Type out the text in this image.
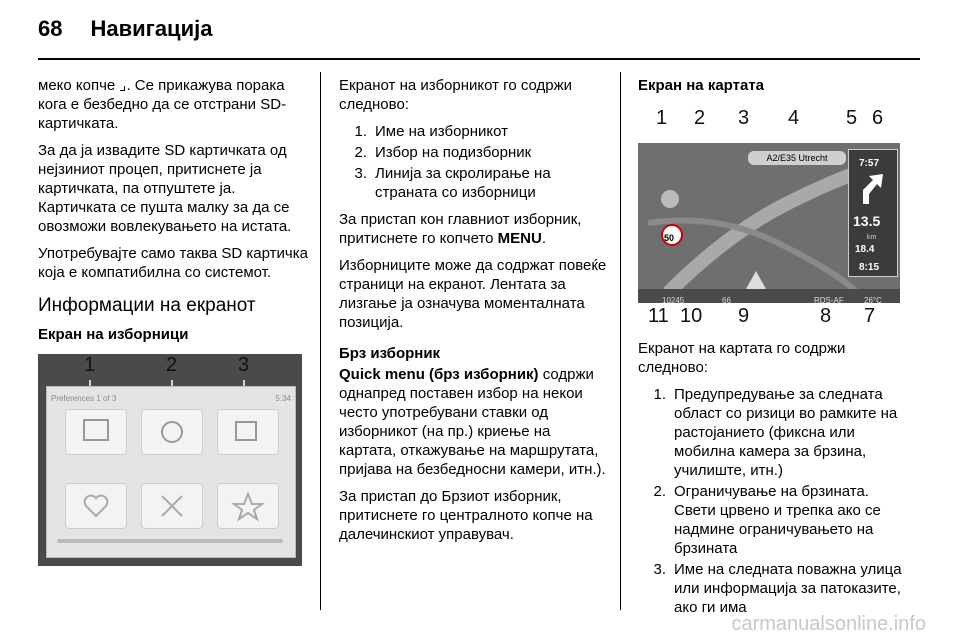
68 Навигација

меко копче ⌟. Се прикажува порака кога е безбедно да се отстрани SD-картичката.

За да ја извадите SD картичката од нејзиниот процеп, притиснете ја картичката, па отпуштете ја. Картичката се пушта малку за да се овозможи вовлекувањето на истата.

Употребувајте само таква SD картичка која е компатибилна со системот.

Информации на екранот
Екран на изборници
1	2	3
Preferences 1 of 3	5:34

Екранот на изборникот го содржи следново:

1. Име на изборникот
2. Избор на подизборник
3. Линија за скролирање на страната со изборници

За пристап кон главниот изборник, притиснете го копчето MENU.

Изборниците може да содржат повеќе страници на екранот. Лентата за лизгање ја означува моменталната позиција.

Брз изборник

Quick menu (брз изборник) содржи однапред поставен избор на некои често употребувани ставки од изборникот (на пр.) криење на картата, откажување на маршрутата, пријава на безбедносни камери, итн.).

За пристап до Брзиот изборник, притиснете го централното копче на далечинскиот управувач.

Екран на картата
1 2 3 4 5 6
50
A2/E35 Utrecht	7:57
13.5
km
18.4
8:15
10245	66	RDS-AF	26°C
11 10 9	8 7

Екранот на картата го содржи следново:

1. Предупредување за следната област со ризици во рамките на растојанието (фиксна или мобилна камера за брзина, училиште, итн.)
2. Ограничување на брзината. Свети црвено и трепка ако се надмине ограничувањето на брзината
3. Име на следната поважна улица или информација за патоказите, ако ги има
carmanualsonline.info
